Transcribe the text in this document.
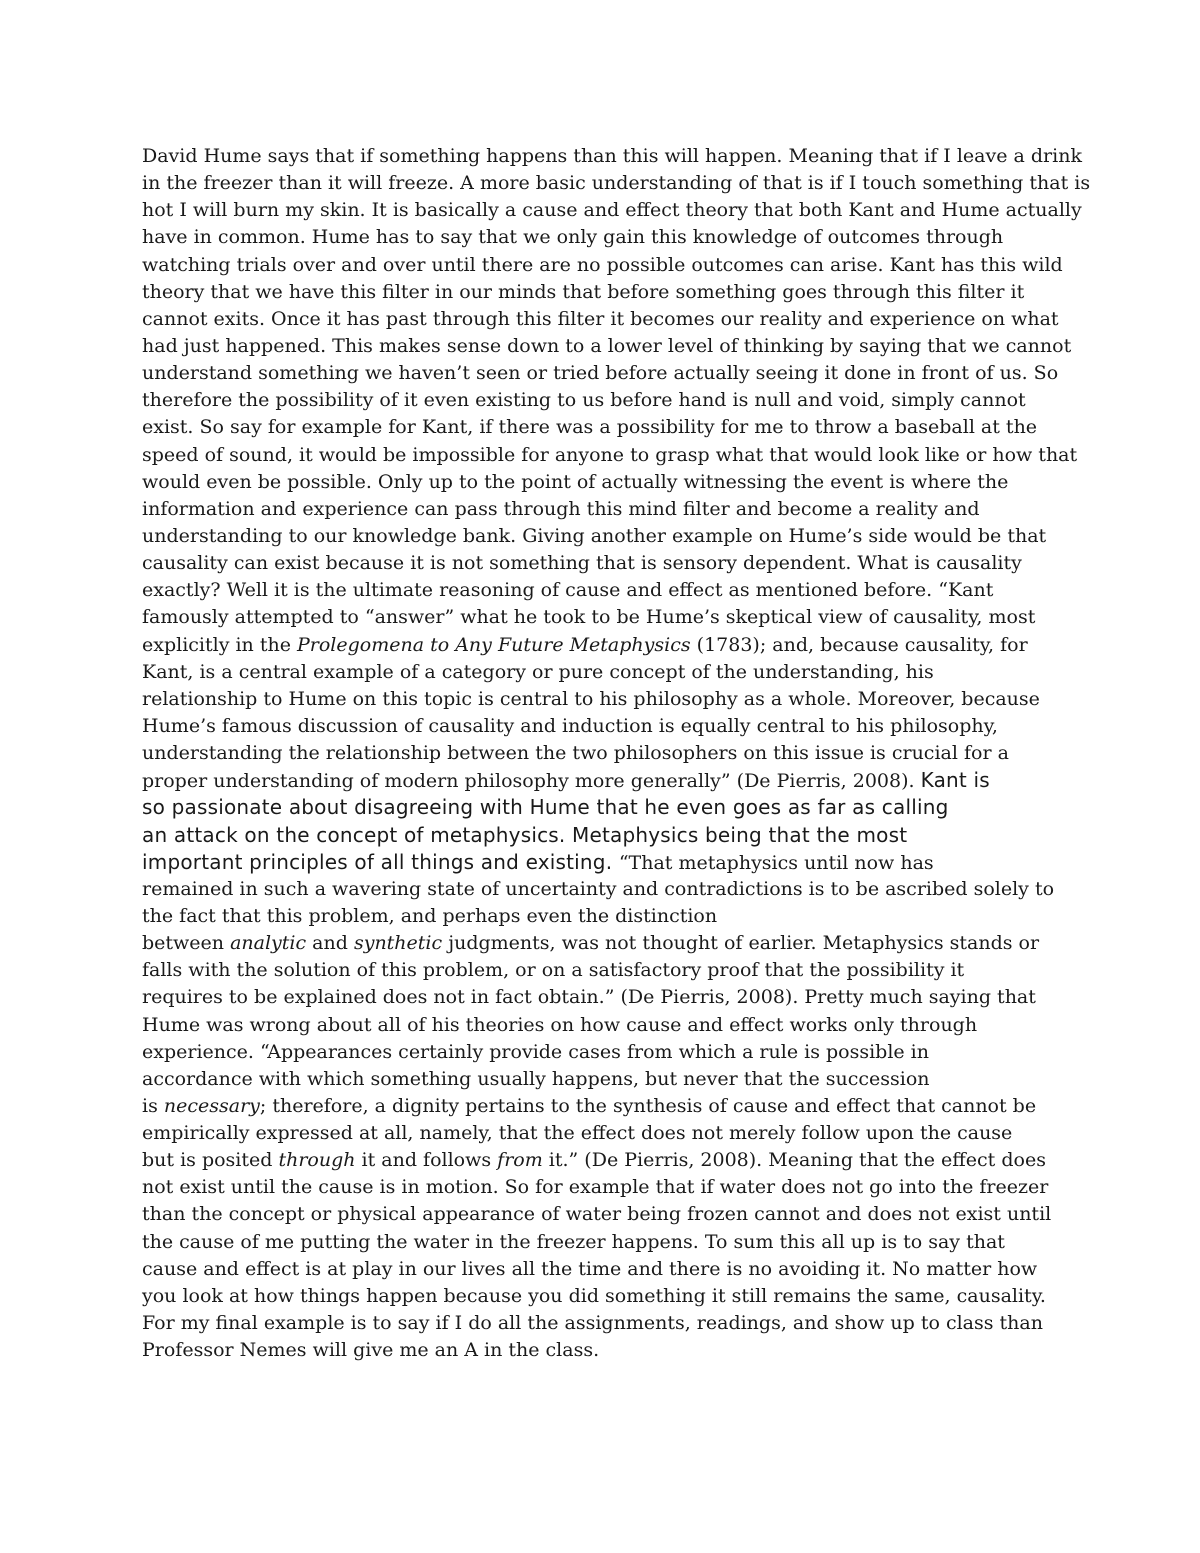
David Hume says that if something happens than this will happen. Meaning that if I leave a drink
in the freezer than it will freeze. A more basic understanding of that is if I touch something that is
hot I will burn my skin. It is basically a cause and effect theory that both Kant and Hume actually
have in common. Hume has to say that we only gain this knowledge of outcomes through
watching trials over and over until there are no possible outcomes can arise. Kant has this wild
theory that we have this filter in our minds that before something goes through this filter it
cannot exits. Once it has past through this filter it becomes our reality and experience on what
had just happened. This makes sense down to a lower level of thinking by saying that we cannot
understand something we haven’t seen or tried before actually seeing it done in front of us. So
therefore the possibility of it even existing to us before hand is null and void, simply cannot
exist. So say for example for Kant, if there was a possibility for me to throw a baseball at the
speed of sound, it would be impossible for anyone to grasp what that would look like or how that
would even be possible. Only up to the point of actually witnessing the event is where the
information and experience can pass through this mind filter and become a reality and
understanding to our knowledge bank. Giving another example on Hume’s side would be that
causality can exist because it is not something that is sensory dependent. What is causality
exactly? Well it is the ultimate reasoning of cause and effect as mentioned before. “Kant
famously attempted to “answer” what he took to be Hume’s skeptical view of causality, most
explicitly in the Prolegomena to Any Future Metaphysics (1783); and, because causality, for
Kant, is a central example of a category or pure concept of the understanding, his
relationship to Hume on this topic is central to his philosophy as a whole. Moreover, because
Hume’s famous discussion of causality and induction is equally central to his philosophy,
understanding the relationship between the two philosophers on this issue is crucial for a
proper understanding of modern philosophy more generally” (De Pierris, 2008). Kant is
so passionate about disagreeing with Hume that he even goes as far as calling
an attack on the concept of metaphysics. Metaphysics being that the most
important principles of all things and existing. “That metaphysics until now has
remained in such a wavering state of uncertainty and contradictions is to be ascribed solely to
the fact that this problem, and perhaps even the distinction
between analytic and synthetic judgments, was not thought of earlier. Metaphysics stands or
falls with the solution of this problem, or on a satisfactory proof that the possibility it
requires to be explained does not in fact obtain.” (De Pierris, 2008). Pretty much saying that
Hume was wrong about all of his theories on how cause and effect works only through
experience. “Appearances certainly provide cases from which a rule is possible in
accordance with which something usually happens, but never that the succession
is necessary; therefore, a dignity pertains to the synthesis of cause and effect that cannot be
empirically expressed at all, namely, that the effect does not merely follow upon the cause
but is posited through it and follows from it.” (De Pierris, 2008). Meaning that the effect does
not exist until the cause is in motion. So for example that if water does not go into the freezer
than the concept or physical appearance of water being frozen cannot and does not exist until
the cause of me putting the water in the freezer happens. To sum this all up is to say that
cause and effect is at play in our lives all the time and there is no avoiding it. No matter how
you look at how things happen because you did something it still remains the same, causality.
For my final example is to say if I do all the assignments, readings, and show up to class than
Professor Nemes will give me an A in the class.
